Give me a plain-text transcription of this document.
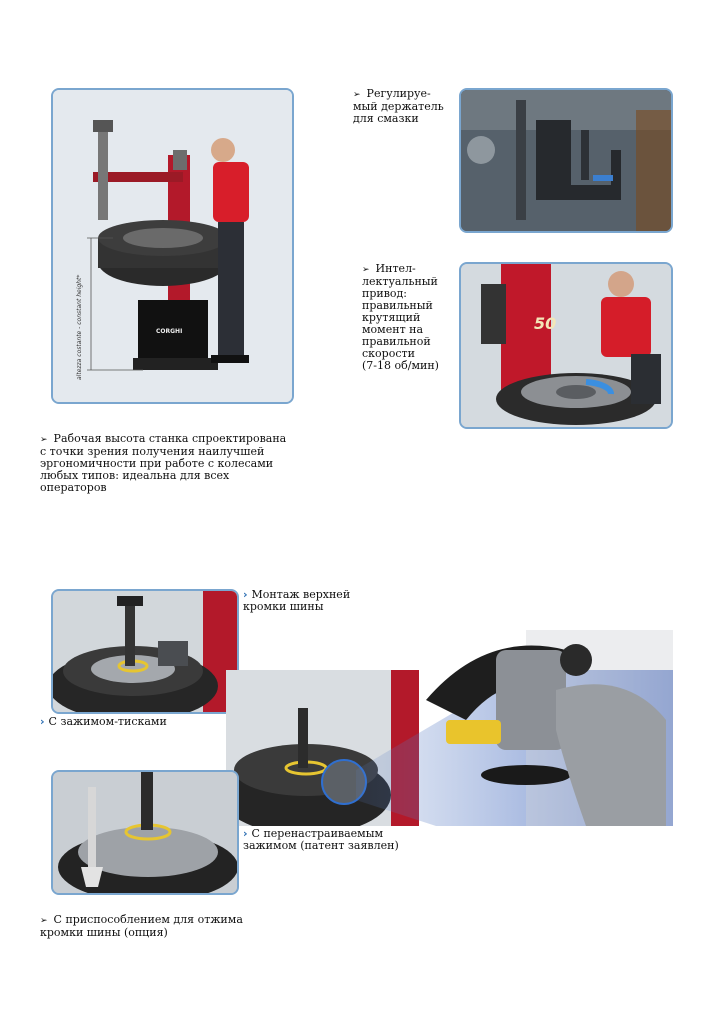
altezza costante - constant height*	CORGHI
➢ Регулируе-
мый держатель
для смазки
➢ Интел-
лектуальный
привод:
правильный
крутящий
момент на
правильной
скорости
(7-18 об/мин)
50
➢ Рабочая высота станка спроектирована
с точки зрения получения наилучшей
эргономичности при работе с колесами
любых типов: идеальна для всех
операторов
› Монтаж верхней
кромки шины
› С зажимом-тисками
› С перенастраиваемым
зажимом (патент заявлен)
➢ С приспособлением для отжима
кромки шины (опция)
